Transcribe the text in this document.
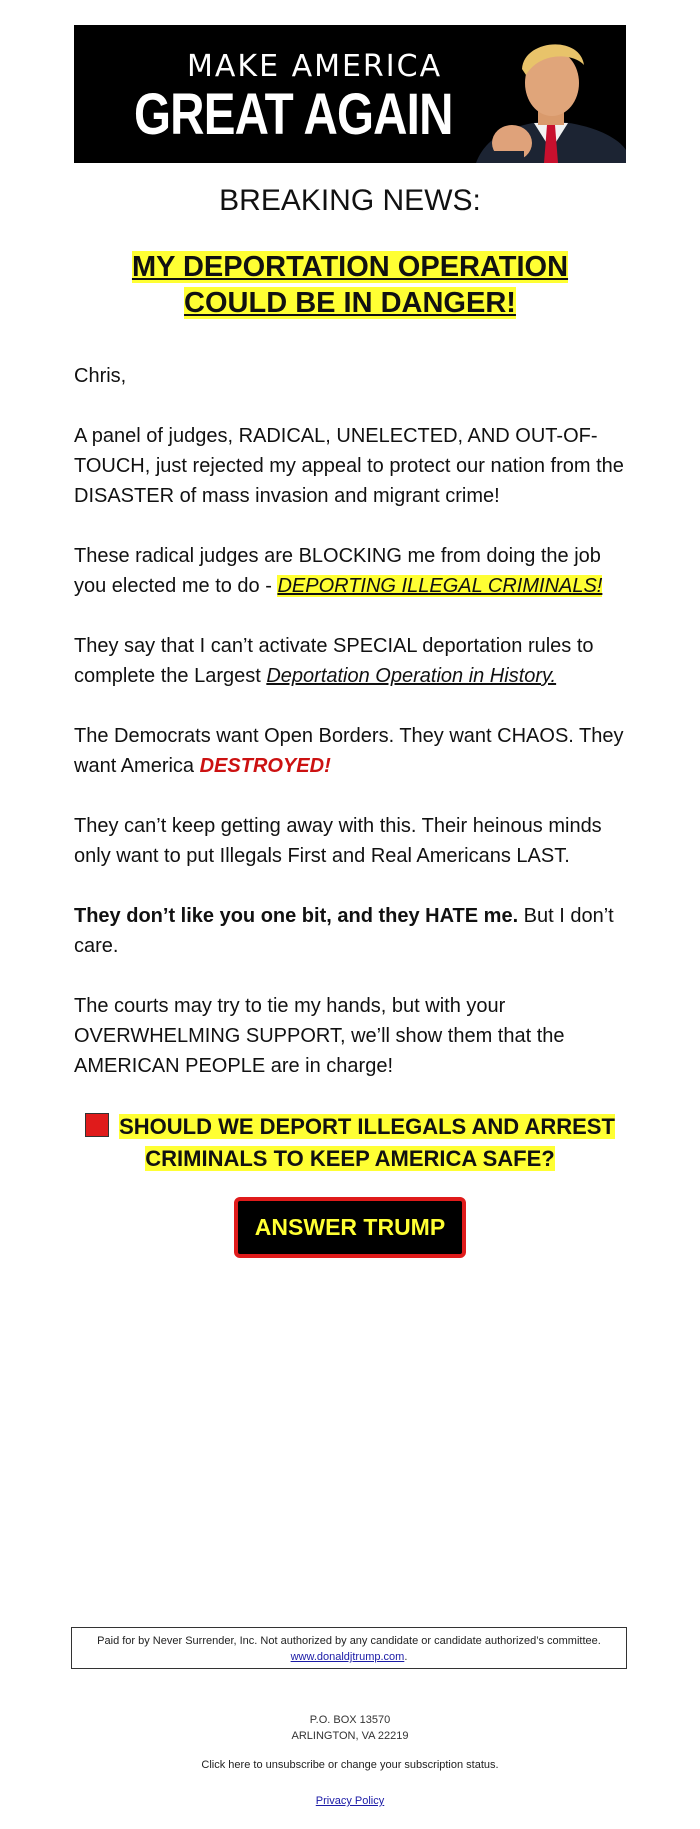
MAKE AMERICA
GREAT AGAIN
BREAKING NEWS:
MY DEPORTATION OPERATION
COULD BE IN DANGER!

Chris,

A panel of judges, RADICAL, UNELECTED, AND OUT-OF-TOUCH, just rejected my appeal to protect our nation from the DISASTER of mass invasion and migrant crime!

These radical judges are BLOCKING me from doing the job you elected me to do - DEPORTING ILLEGAL CRIMINALS!

They say that I can’t activate SPECIAL deportation rules to complete the Largest Deportation Operation in History.

The Democrats want Open Borders. They want CHAOS. They want America DESTROYED!

They can’t keep getting away with this. Their heinous minds only want to put Illegals First and Real Americans LAST.

They don’t like you one bit, and they HATE me. But I don’t care.

The courts may try to tie my hands, but with your OVERWHELMING SUPPORT, we’ll show them that the AMERICAN PEOPLE are in charge!

SHOULD WE DEPORT ILLEGALS AND ARREST
CRIMINALS TO KEEP AMERICA SAFE?
ANSWER TRUMP
Paid for by Never Surrender, Inc. Not authorized by any candidate or candidate authorized’s committee.
www.donaldjtrump.com.
P.O. BOX 13570
ARLINGTON, VA 22219
Click here to unsubscribe or change your subscription status.
Privacy Policy
